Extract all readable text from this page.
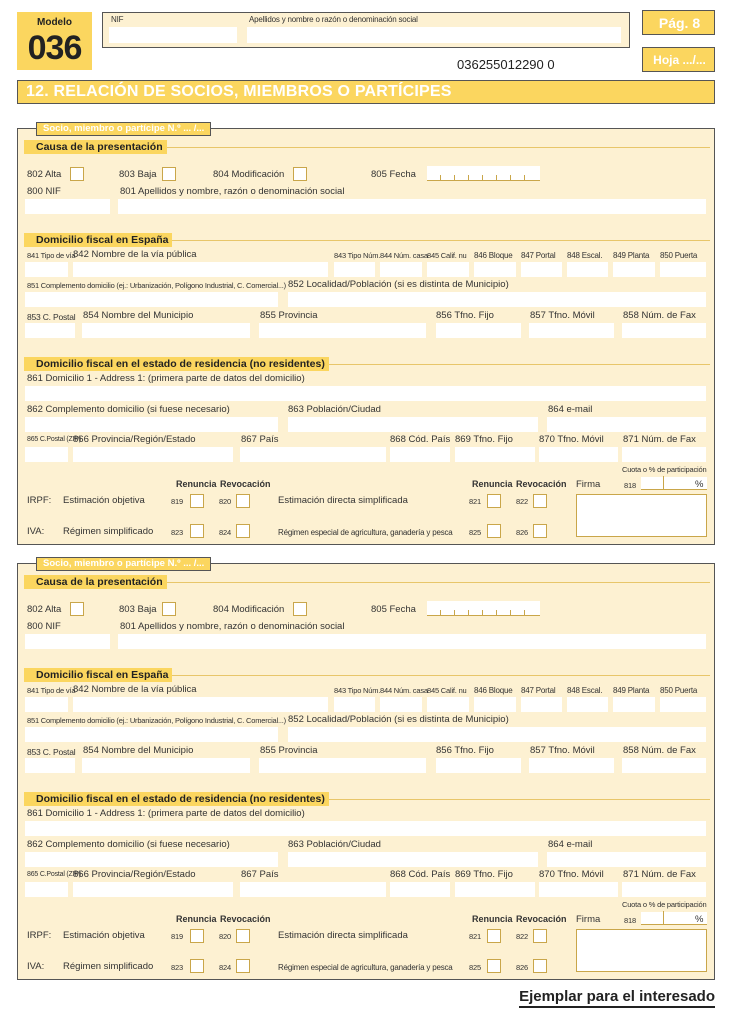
Modelo
036
NIF	Apellidos y nombre o razón o denominación social	Pág. 8
Hoja .../...
036255012290 0
12. RELACIÓN DE SOCIOS, MIEMBROS O PARTÍCIPES
Socio, miembro o partícipe N.º ... /...
Causa de la presentación
802 Alta	803 Baja	804 Modificación	805 Fecha
800 NIF	801 Apellidos y nombre, razón o denominación social
Domicilio fiscal en España
841 Tipo de vía
842 Nombre de la vía pública	843 Tipo Núm. 844 Núm. casa 845 Calif. nu 846 Bloque 847 Portal 848 Escal. 849 Planta 850 Puerta
851 Complemento domicilio (ej.: Urbanización, Polígono Industrial, C. Comercial...) 852 Localidad/Población (si es distinta de Municipio)
853 C. Postal 854 Nombre del Municipio	855 Provincia	856 Tfno. Fijo	857 Tfno. Móvil	858 Núm. de Fax
Domicilio fiscal en el estado de residencia (no residentes)
861 Domicilio 1 - Address 1: (primera parte de datos del domicilio)
862 Complemento domicilio (si fuese necesario)	863 Población/Ciudad	864 e-mail
865 C.Postal (ZIP)
866 Provincia/Región/Estado	867 País	868 Cód. País 869 Tfno. Fijo	870 Tfno. Móvil 871 Núm. de Fax
Cuota o % de participación
Renuncia Revocación	Renuncia Revocación Firma	818	%
IRPF: Estimación objetiva	819	820	Estimación directa simplificada	821	822
IVA: Régimen simplificado 823	824	Régimen especial de agricultura, ganadería y pesca 825	826
Socio, miembro o partícipe N.º ... /...
Causa de la presentación
802 Alta	803 Baja	804 Modificación	805 Fecha
800 NIF	801 Apellidos y nombre, razón o denominación social
Domicilio fiscal en España
841 Tipo de vía
842 Nombre de la vía pública	843 Tipo Núm. 844 Núm. casa 845 Calif. nu 846 Bloque 847 Portal 848 Escal. 849 Planta 850 Puerta
851 Complemento domicilio (ej.: Urbanización, Polígono Industrial, C. Comercial...) 852 Localidad/Población (si es distinta de Municipio)
853 C. Postal 854 Nombre del Municipio	855 Provincia	856 Tfno. Fijo	857 Tfno. Móvil	858 Núm. de Fax
Domicilio fiscal en el estado de residencia (no residentes)
861 Domicilio 1 - Address 1: (primera parte de datos del domicilio)
862 Complemento domicilio (si fuese necesario)	863 Población/Ciudad	864 e-mail
865 C.Postal (ZIP)
866 Provincia/Región/Estado	867 País	868 Cód. País 869 Tfno. Fijo	870 Tfno. Móvil 871 Núm. de Fax
Cuota o % de participación
Renuncia Revocación	Renuncia Revocación Firma	818	%
IRPF: Estimación objetiva	819	820	Estimación directa simplificada	821	822
IVA: Régimen simplificado 823	824	Régimen especial de agricultura, ganadería y pesca 825	826
Ejemplar para el interesado
